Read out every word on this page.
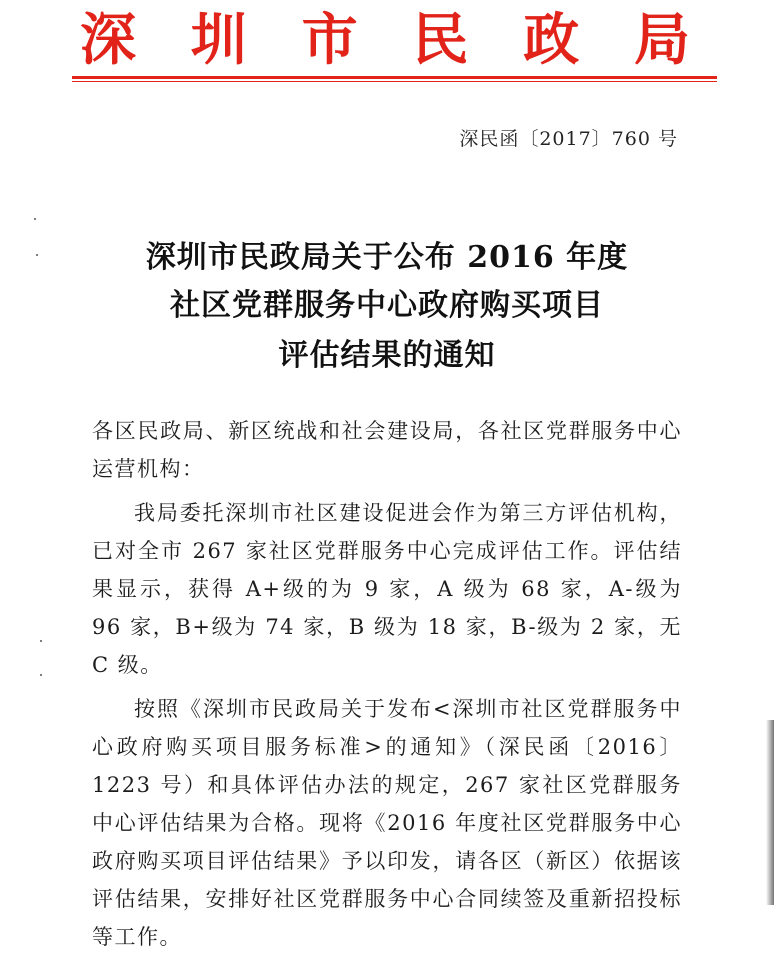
深 圳 市 民 政 局
深民函〔2017〕760 号
深圳市民政局关于公布 2016 年度
社区党群服务中心政府购买项目
评估结果的通知

各区民政局、新区统战和社会建设局，各社区党群服务中心运营机构：

我局委托深圳市社区建设促进会作为第三方评估机构，已对全市 267 家社区党群服务中心完成评估工作。评估结果显示，获得 A+级的为 9 家，A 级为 68 家，A-级为 96 家，B+级为 74 家，B 级为 18 家，B-级为 2 家，无 C 级。

按照《深圳市民政局关于发布<深圳市社区党群服务中心政府购买项目服务标准>的通知》（深民函〔2016〕1223 号）和具体评估办法的规定，267 家社区党群服务中心评估结果为合格。现将《2016 年度社区党群服务中心政府购买项目评估结果》予以印发，请各区（新区）依据该评估结果，安排好社区党群服务中心合同续签及重新招投标等工作。
